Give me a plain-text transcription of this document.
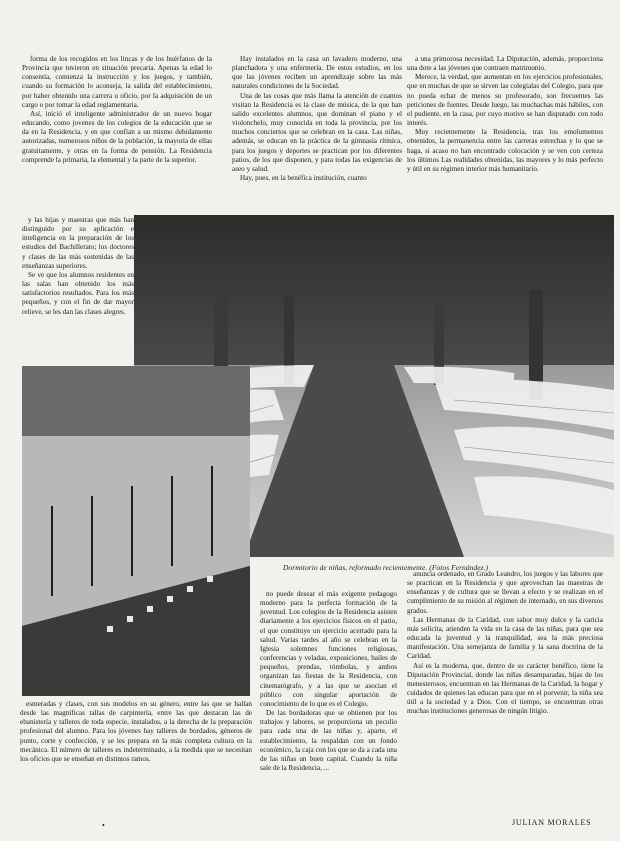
forma de los recogidos en los lincas y de los huérfanos de la Provincia que tuvieron en situación precaria. Apenas la edad lo consentía, comienza la instrucción y los juegos, y también, cuando su formación lo aconseja, la salida del establecimiento, por haber obtenido una carrera u oficio, por la adquisición de un cargo o por tomar la edad reglamentaria.

Así, inició el inteligente administrador de un nuevo hogar educando, como jovenes de los colegios de la educación que se da en la Residencia, y en que confían a un mismo debidamente autorizadas, numerosos niños de la población, la mayoría de ellas gratuitamente, y otras en la forma de pensión. La Residencia comprende la primaria, la elemental y la parte de la superior.

Hay instalados en la casa un lavadero moderno, una planchadora y una enfermería. De estos estudios, en los que las jóvenes reciben un aprendizaje sobre las más naturales condiciones de la Sociedad.

Una de las cosas que más llama la atención de cuantos visitan la Residencia es la clase de música, de la que han salido excelentes alumnos, que dominan el piano y el violonchelo, muy conocida en toda la provincia, por los muchos conciertos que se celebran en la casa. Las niñas, además, se educan en la práctica de la gimnasia rítmica, para los juegos y deportes se practican por los diferentes patios, de los que disponen, y para todas las exigencias de aseo y salud.

Hay, pues, en la benéfica institución, cuanto

a una primorosa necesidad. La Diputación, además, proporciona una dote a las jóvenes que contraen matrimonio.

Merece, la verdad, que aumentan en los ejercicios profesionales, que en muchas de que se sirven las colegialas del Colegio, para que no pueda echar de menos su profesorado, son frecuentes las peticiones de fuentes. Desde luego, las muchachas más hábiles, con el pudiente, en la casa, por cuyo motivo se han disputado con todo interés.

Muy recientemente la Residencia, tras los emolumentos obtenidos, la permanencia entre las carreras estrechas y lo que se haga, si acaso no han encontrado colocación y se ven con certeza los últimos Las realidades obtenidas, las mayores y lo más perfecto y útil en su régimen interior más humanitario.

y las hijas y maestras que más han distinguido por su aplicación e inteligencia en la preparación de los estudios del Bachillerato; los doctores y clases de las más sostenidas de las enseñanzas superiores.

Se ve que los alumnos residentes en las salas han obtenido los más satisfactorios resultados. Para los más pequeños, y con el fin de dar mayor relieve, se les dan las clases alegres.

Dormitorio de niñas, reformado recientemente. (Fotos Fernández.)

esmeradas y clases, con sus modelos en su género, entre las que se hallan desde las magníficas tallas de carpintería, entre las que destacan las de ebanistería y talleres de toda especie, instalados, a la derecha de la preparación profesional del alumno. Para los jóvenes hay talleres de bordados, géneros de punto, corte y confección, y se les prepara en la más completa cultura en la mecánica. El número de talleres es indeterminado, a la medida que se necesitan los oficios que se enseñan en distintos ramos.

no puede desear el más exigente pedagogo moderno para la perfecta formación de la juventud. Los colegios de la Residencia asisten diariamente a los ejercicios físicos en el patio, el que constituye un ejercicio acertado para la salud. Varias tardes al año se celebran en la Iglesia solemnes funciones religiosas, conferencias y veladas, exposiciones, bailes de pequeños, prendas, tómbolas, y ambos organizan las fiestas de la Residencia, con cinematógrafo, y a las que se asocian el público con singular aportación de conocimiento de lo que es el Colegio.

De las bordadoras que se obtienen por los trabajos y labores, se proporciona un peculio para cada una de las niñas y, aparte, el establecimiento, la respaldan con un fondo económico, la caja con los que se da a cada una de las niñas un buen capital. Cuando la niña sale de la Residencia, ...

anuncia ordenado, en Grado Leandro, los juegos y las labores que se practican en la Residencia y que aprovechan las maestras de enseñanzas y de cultura que se llevan a efecto y se realizan en el cumplimiento de su misión al régimen de internado, en sus diversos grados.

Las Hermanas de la Caridad, con sabor muy dulce y la caricia más solícita, atienden la vida en la casa de las niñas, para que sea educada la juventud y la tranquilidad, sea la más preciosa manifestación. Una semejanza de familia y la sana doctrina de la Caridad.

Así es la moderna, que, dentro de su carácter benéfico, tiene la Diputación Provincial, donde las niñas desamparadas, hijas de los menesterosos, encuentran en las Hermanas de la Caridad, la hogar y cuidados de quienes las educan para que en el porvenir, la niña sea útil a la sociedad y a Dios. Con el tiempo, se encuentran otras muchas instituciones generosas de ningún litigio.

JULIAN MORALES
•
